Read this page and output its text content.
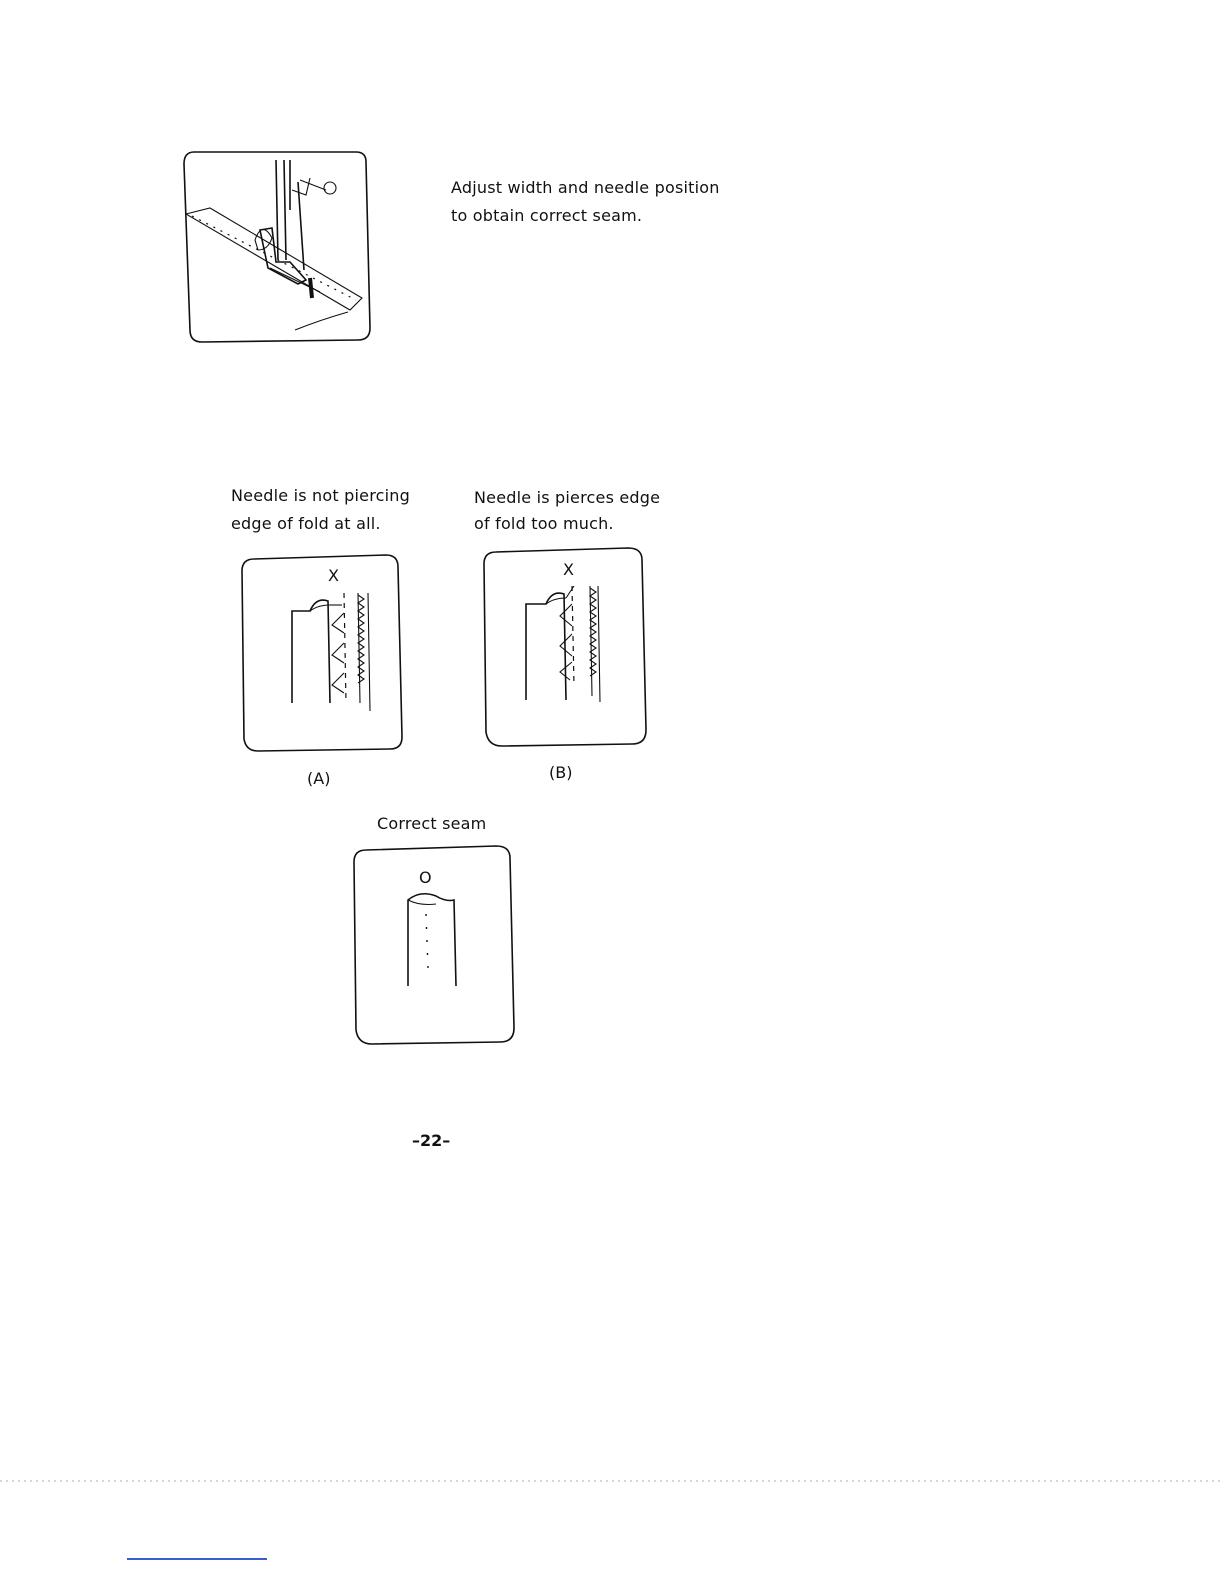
Adjust width and needle position
to obtain correct seam.
Needle is not piercing
edge of fold at all.
X
(A)
Needle is pierces edge
of fold too much.
X
(B)
Correct seam
O
–22–
